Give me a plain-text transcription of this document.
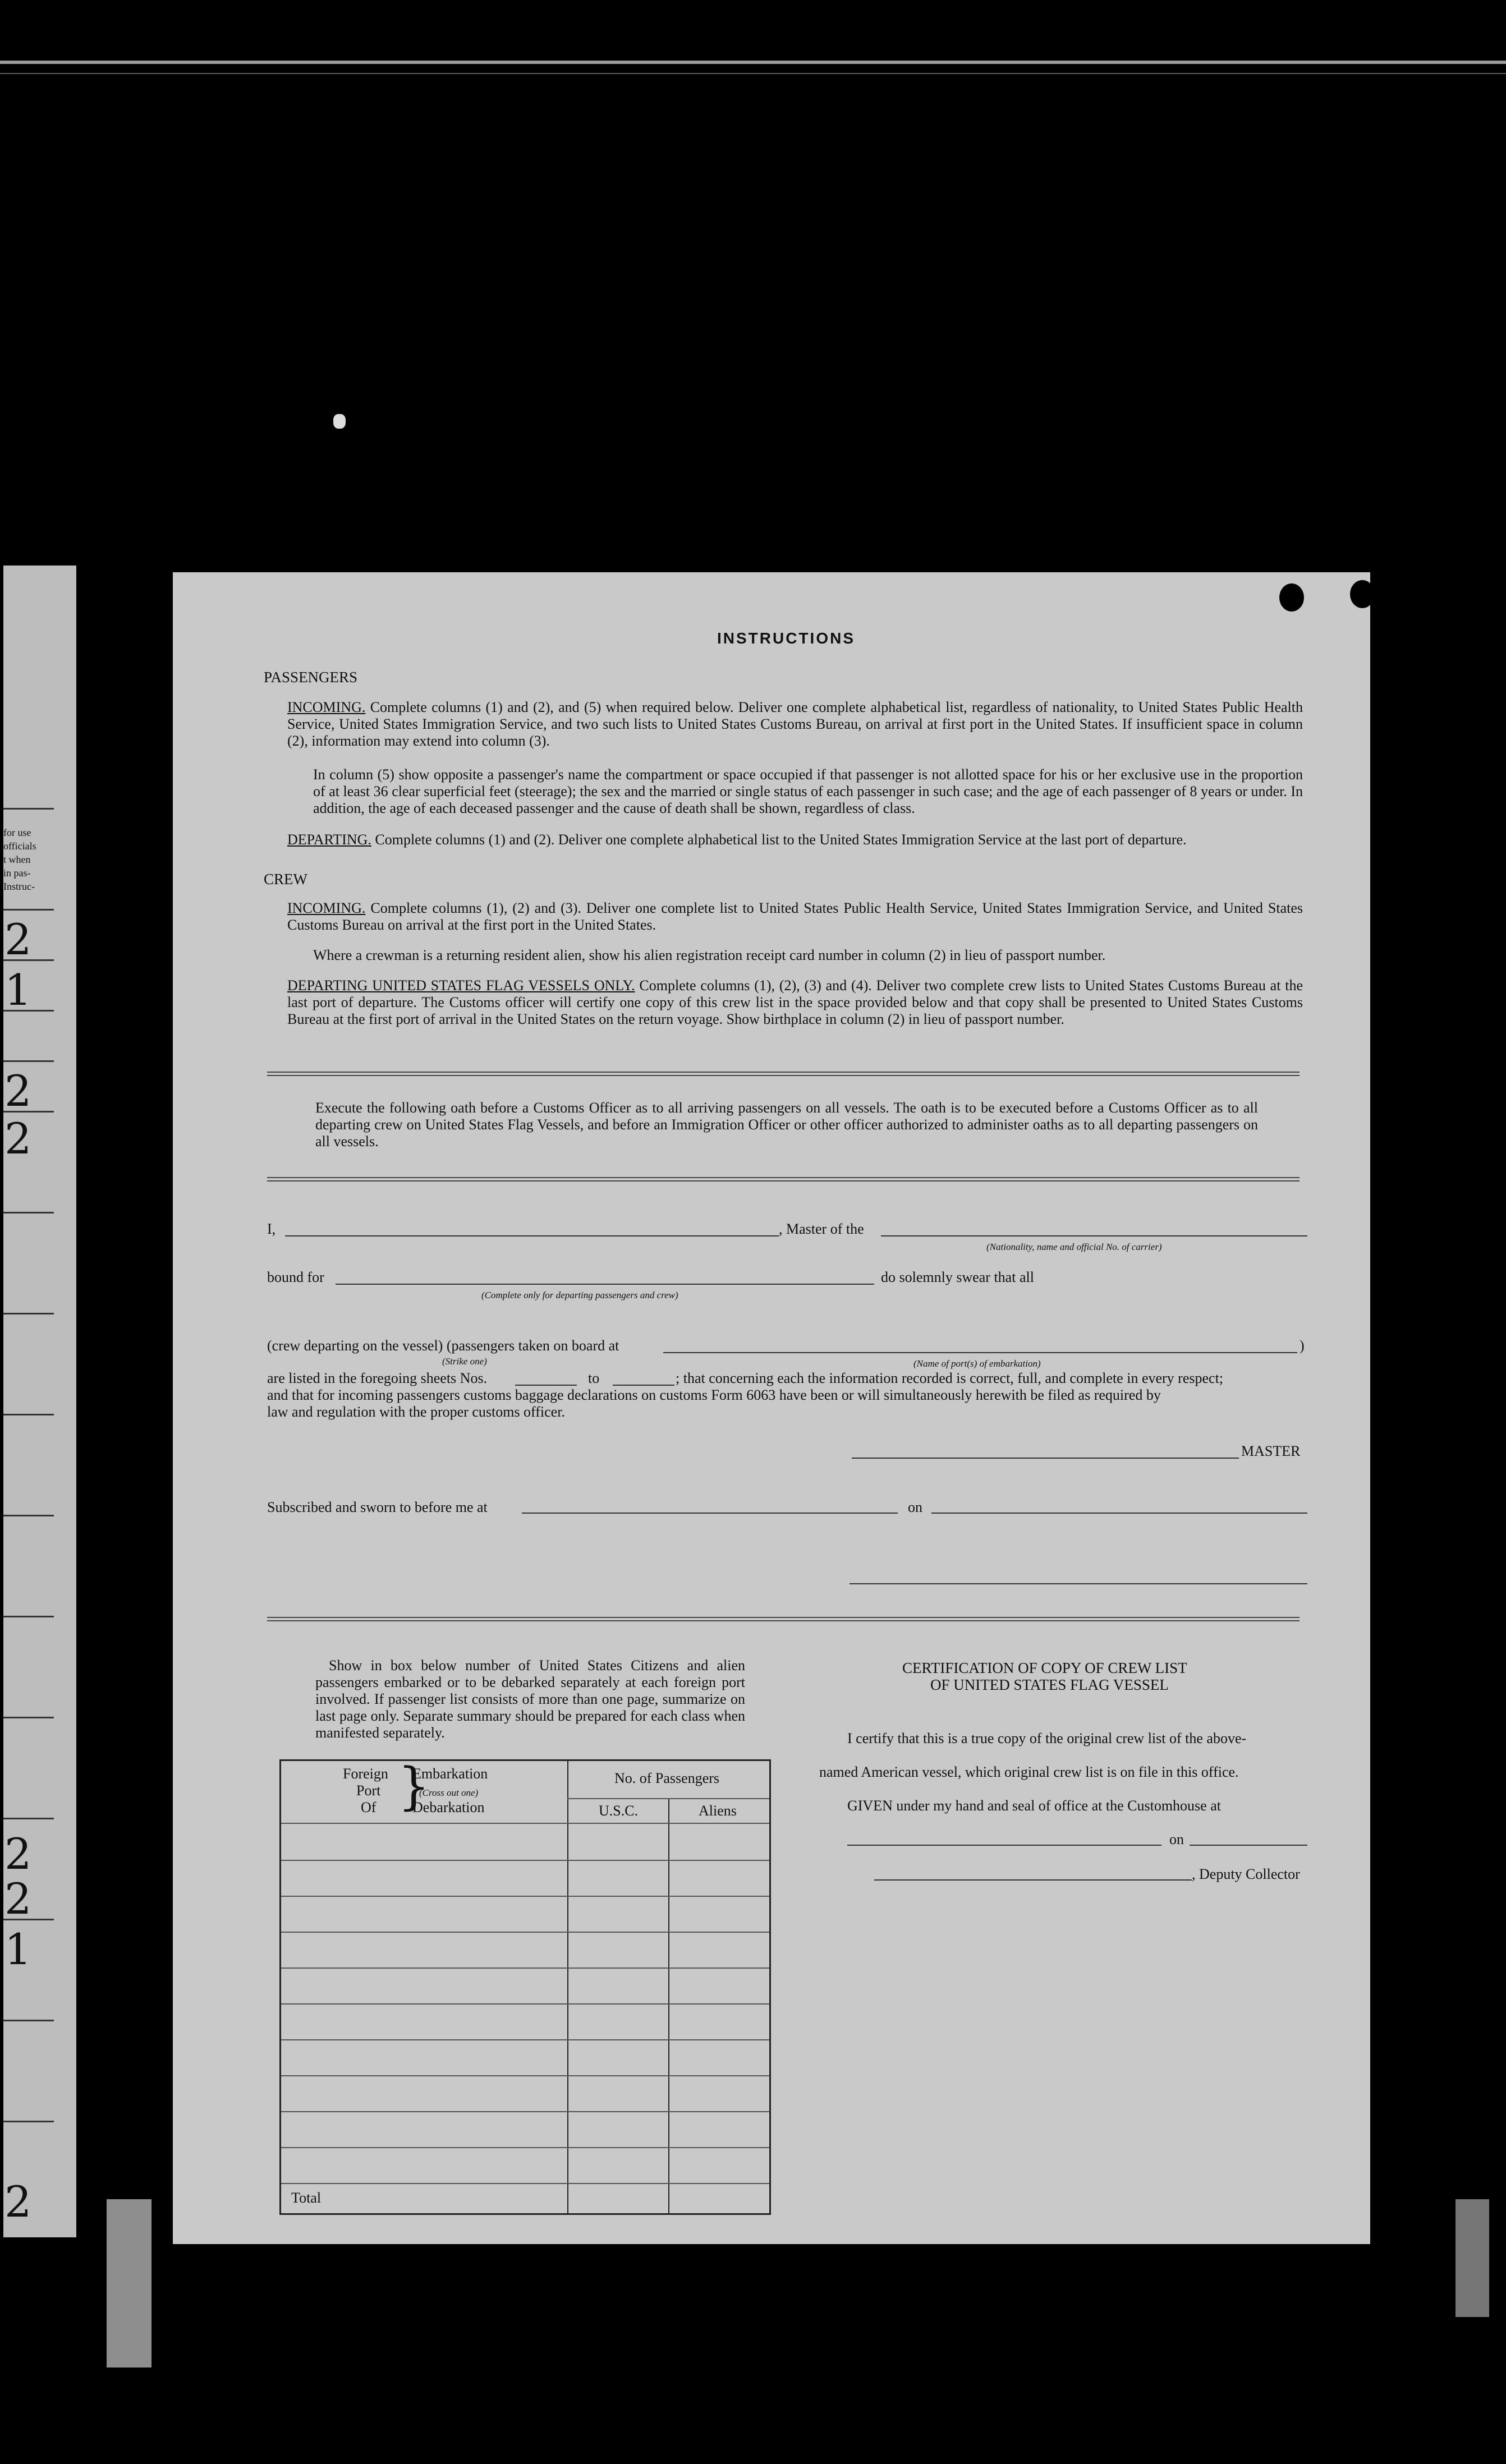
for use
officials
t when
in pas-
Instruc-
2
1
2
2
2
2
1
2
INSTRUCTIONS
PASSENGERS
INCOMING. Complete columns (1) and (2), and (5) when required below. Deliver one complete alphabetical list, regardless of nationality, to United States Public Health Service, United States Immigration Service, and two such lists to United States Customs Bureau, on arrival at first port in the United States. If insufficient space in column (2), information may extend into column (3).
In column (5) show opposite a passenger's name the compartment or space occupied if that passenger is not allotted space for his or her exclusive use in the proportion of at least 36 clear superficial feet (steerage); the sex and the married or single status of each passenger in such case; and the age of each passenger of 8 years or under. In addition, the age of each deceased passenger and the cause of death shall be shown, regardless of class.
DEPARTING. Complete columns (1) and (2). Deliver one complete alphabetical list to the United States Immigration Service at the last port of departure.
CREW
INCOMING. Complete columns (1), (2) and (3). Deliver one complete list to United States Public Health Service, United States Immigration Service, and United States Customs Bureau on arrival at the first port in the United States.
Where a crewman is a returning resident alien, show his alien registration receipt card number in column (2) in lieu of passport number.
DEPARTING UNITED STATES FLAG VESSELS ONLY. Complete columns (1), (2), (3) and (4). Deliver two complete crew lists to United States Customs Bureau at the last port of departure. The Customs officer will certify one copy of this crew list in the space provided below and that copy shall be presented to United States Customs Bureau at the first port of arrival in the United States on the return voyage. Show birthplace in column (2) in lieu of passport number.
Execute the following oath before a Customs Officer as to all arriving passengers on all vessels. The oath is to be executed before a Customs Officer as to all departing crew on United States Flag Vessels, and before an Immigration Officer or other officer authorized to administer oaths as to all departing passengers on all vessels.
I,	, Master of the
(Nationality, name and official No. of carrier)
bound for
(Complete only for departing passengers and crew)
do solemnly swear that all
(crew departing on the vessel) (passengers taken on board at
(Strike one)
)
(Name of port(s) of embarkation)
are listed in the foregoing sheets Nos.	to	; that concerning each the information recorded is correct, full, and complete in every respect;
and that for incoming passengers customs baggage declarations on customs Form 6063 have been or will simultaneously herewith be filed as required by
law and regulation with the proper customs officer.
MASTER
Subscribed and sworn to before me at	on
Show in box below number of United States Citizens and alien passengers embarked or to be debarked separately at each foreign port involved. If passenger list consists of more than one page, summarize on last page only. Separate summary should be prepared for each class when manifested separately.
Foreign
Port
Of }
Embarkation
(Cross out one)
Debarkation
No. of Passengers
U.S.C.	Aliens
Total
CERTIFICATION OF COPY OF CREW LIST
OF UNITED STATES FLAG VESSEL
I certify that this is a true copy of the original crew list of the above-
named American vessel, which original crew list is on file in this office.
GIVEN under my hand and seal of office at the Customhouse at
on
, Deputy Collector
